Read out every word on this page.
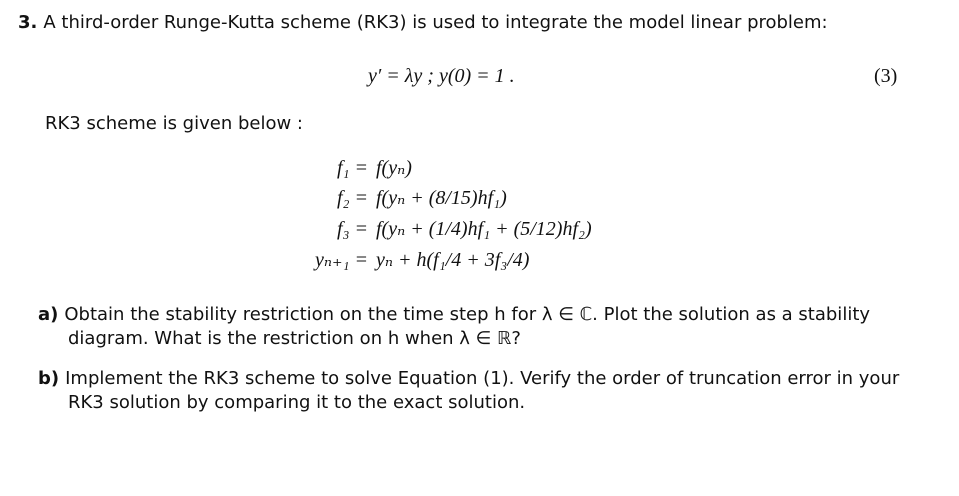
3. A third-order Runge-Kutta scheme (RK3) is used to integrate the model linear problem:
y′ = λy ; y(0) = 1 .	(3)
RK3 scheme is given below :
f₁ = f(yₙ)
f₂ = f(yₙ + (8/15)hf₁)
f₃ = f(yₙ + (1/4)hf₁ + (5/12)hf₂)
yₙ₊₁ = yₙ + h(f₁/4 + 3f₃/4)
a) Obtain the stability restriction on the time step h for λ ∈ ℂ. Plot the solution as a stability
diagram. What is the restriction on h when λ ∈ ℝ?
b) Implement the RK3 scheme to solve Equation (1). Verify the order of truncation error in your
RK3 solution by comparing it to the exact solution.
